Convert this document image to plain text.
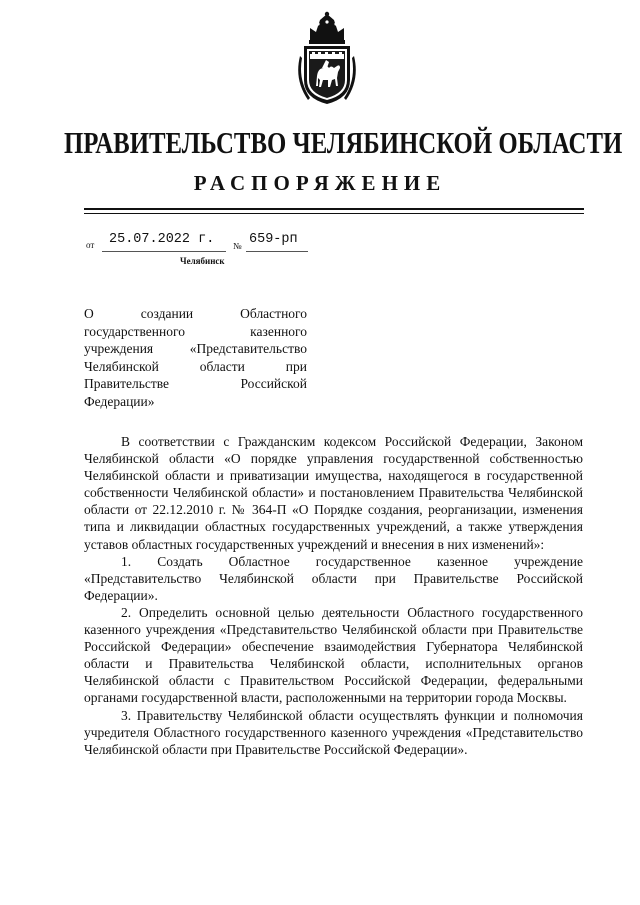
ПРАВИТЕЛЬСТВО ЧЕЛЯБИНСКОЙ ОБЛАСТИ
РАСПОРЯЖЕНИЕ
от 25.07.2022 г. № 659-рп
Челябинск
О создании Областного государственного казенного учреждения «Представительство Челябинской области при Правительстве Российской Федерации»

В соответствии с Гражданским кодексом Российской Федерации, Законом Челябинской области «О порядке управления государственной собственностью Челябинской области и приватизации имущества, находящегося в государственной собственности Челябинской области» и постановлением Правительства Челябинской области от 22.12.2010 г. № 364-П «О Порядке создания, реорганизации, изменения типа и ликвидации областных государственных учреждений, а также утверждения уставов областных государственных учреждений и внесения в них изменений»:

1. Создать Областное государственное казенное учреждение «Представительство Челябинской области при Правительстве Российской Федерации».

2. Определить основной целью деятельности Областного государственного казенного учреждения «Представительство Челябинской области при Правительстве Российской Федерации» обеспечение взаимодействия Губернатора Челябинской области и Правительства Челябинской области, исполнительных органов Челябинской области с Правительством Российской Федерации, федеральными органами государственной власти, расположенными на территории города Москвы.

3. Правительству Челябинской области осуществлять функции и полномочия учредителя Областного государственного казенного учреждения «Представительство Челябинской области при Правительстве Российской Федерации».
